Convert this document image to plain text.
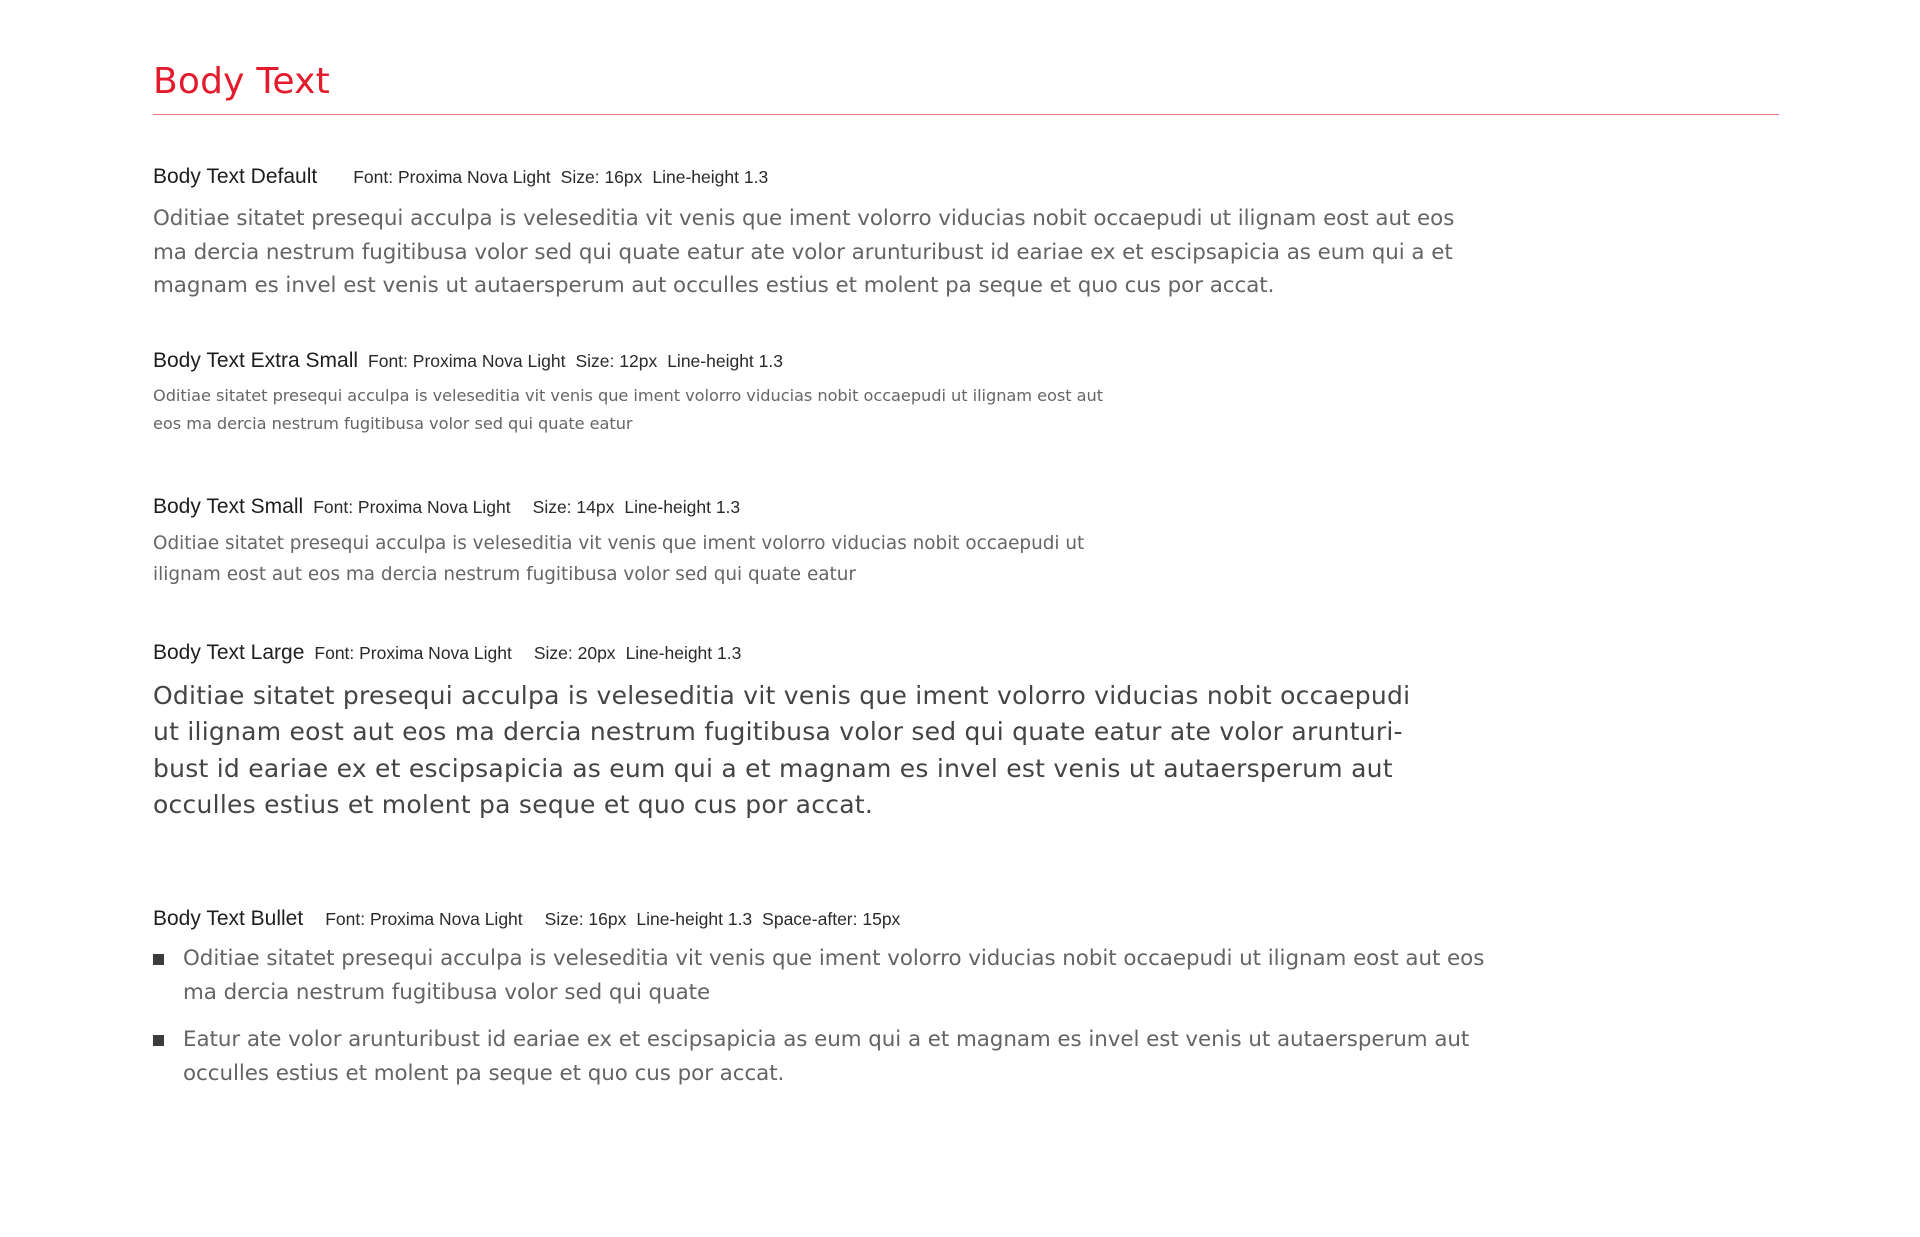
Body Text
Body Text Default Font: Proxima Nova Light Size: 16px Line-height 1.3
Oditiae sitatet presequi acculpa is veleseditia vit venis que iment volorro viducias nobit occaepudi ut ilignam eost aut eos
ma dercia nestrum fugitibusa volor sed qui quate eatur ate volor arunturibust id eariae ex et escipsapicia as eum qui a et
magnam es invel est venis ut autaersperum aut occulles estius et molent pa seque et quo cus por accat.
Body Text Extra Small Font: Proxima Nova Light Size: 12px Line-height 1.3
Oditiae sitatet presequi acculpa is veleseditia vit venis que iment volorro viducias nobit occaepudi ut ilignam eost aut
eos ma dercia nestrum fugitibusa volor sed qui quate eatur
Body Text Small Font: Proxima Nova Light Size: 14px Line-height 1.3
Oditiae sitatet presequi acculpa is veleseditia vit venis que iment volorro viducias nobit occaepudi ut
ilignam eost aut eos ma dercia nestrum fugitibusa volor sed qui quate eatur
Body Text Large Font: Proxima Nova Light Size: 20px Line-height 1.3
Oditiae sitatet presequi acculpa is veleseditia vit venis que iment volorro viducias nobit occaepudi
ut ilignam eost aut eos ma dercia nestrum fugitibusa volor sed qui quate eatur ate volor arunturi-
bust id eariae ex et escipsapicia as eum qui a et magnam es invel est venis ut autaersperum aut
occulles estius et molent pa seque et quo cus por accat.
Body Text Bullet Font: Proxima Nova Light Size: 16px Line-height 1.3 Space-after: 15px
Oditiae sitatet presequi acculpa is veleseditia vit venis que iment volorro viducias nobit occaepudi ut ilignam eost aut eos
ma dercia nestrum fugitibusa volor sed qui quate
Eatur ate volor arunturibust id eariae ex et escipsapicia as eum qui a et magnam es invel est venis ut autaersperum aut
occulles estius et molent pa seque et quo cus por accat.
